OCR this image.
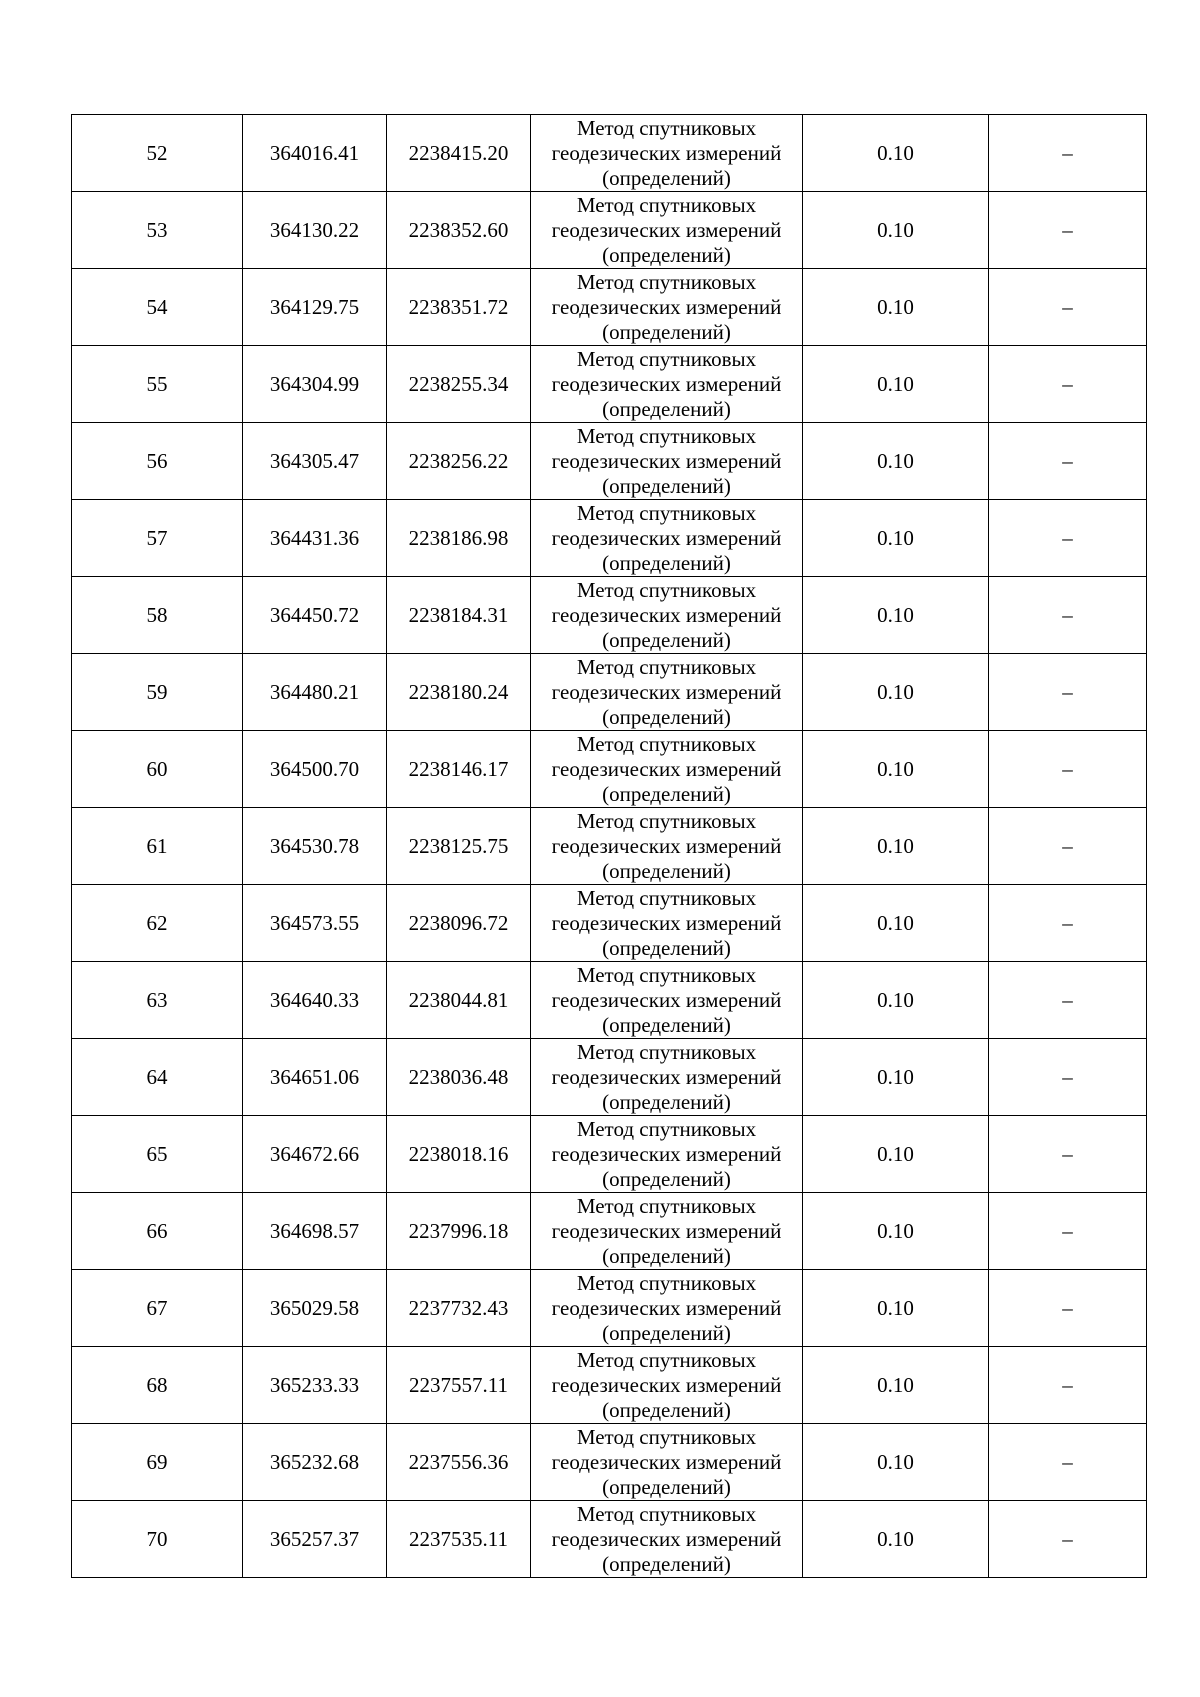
52	364016.41	2238415.20	Метод спутниковых
геодезических измерений
(определений)	0.10	–
53	364130.22	2238352.60	Метод спутниковых
геодезических измерений
(определений)	0.10	–
54	364129.75	2238351.72	Метод спутниковых
геодезических измерений
(определений)	0.10	–
55	364304.99	2238255.34	Метод спутниковых
геодезических измерений
(определений)	0.10	–
56	364305.47	2238256.22	Метод спутниковых
геодезических измерений
(определений)	0.10	–
57	364431.36	2238186.98	Метод спутниковых
геодезических измерений
(определений)	0.10	–
58	364450.72	2238184.31	Метод спутниковых
геодезических измерений
(определений)	0.10	–
59	364480.21	2238180.24	Метод спутниковых
геодезических измерений
(определений)	0.10	–
60	364500.70	2238146.17	Метод спутниковых
геодезических измерений
(определений)	0.10	–
61	364530.78	2238125.75	Метод спутниковых
геодезических измерений
(определений)	0.10	–
62	364573.55	2238096.72	Метод спутниковых
геодезических измерений
(определений)	0.10	–
63	364640.33	2238044.81	Метод спутниковых
геодезических измерений
(определений)	0.10	–
64	364651.06	2238036.48	Метод спутниковых
геодезических измерений
(определений)	0.10	–
65	364672.66	2238018.16	Метод спутниковых
геодезических измерений
(определений)	0.10	–
66	364698.57	2237996.18	Метод спутниковых
геодезических измерений
(определений)	0.10	–
67	365029.58	2237732.43	Метод спутниковых
геодезических измерений
(определений)	0.10	–
68	365233.33	2237557.11	Метод спутниковых
геодезических измерений
(определений)	0.10	–
69	365232.68	2237556.36	Метод спутниковых
геодезических измерений
(определений)	0.10	–
70	365257.37	2237535.11	Метод спутниковых
геодезических измерений
(определений)	0.10	–
